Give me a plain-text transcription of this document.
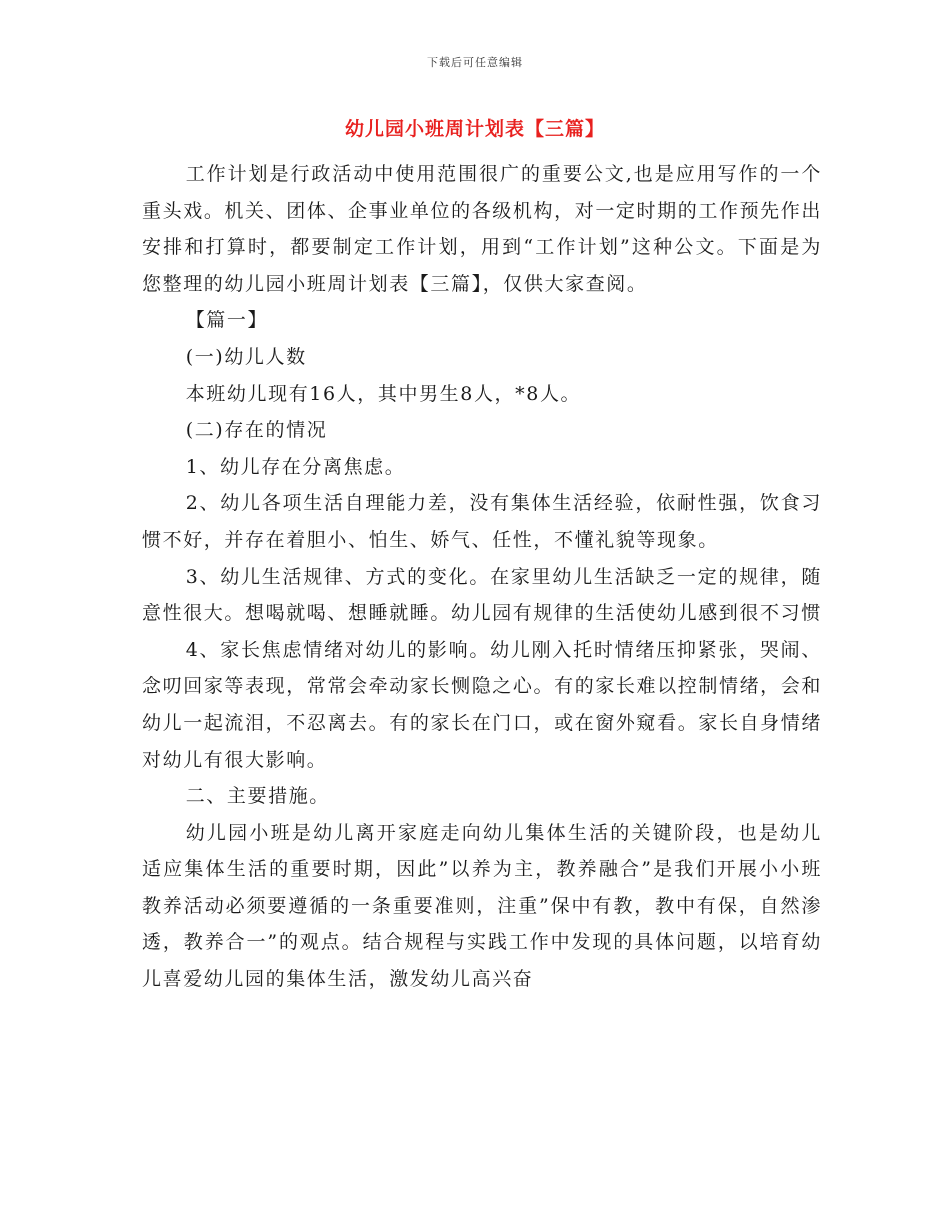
下载后可任意编辑
幼儿园小班周计划表【三篇】

工作计划是行政活动中使用范围很广的重要公文,也是应用写作的一个重头戏。机关、团体、企事业单位的各级机构，对一定时期的工作预先作出安排和打算时，都要制定工作计划，用到“工作计划”这种公文。下面是为您整理的幼儿园小班周计划表【三篇】，仅供大家查阅。

【篇一】

(一)幼儿人数

本班幼儿现有16人，其中男生8人，*8人。

(二)存在的情况

1、幼儿存在分离焦虑。

2、幼儿各项生活自理能力差，没有集体生活经验，依耐性强，饮食习惯不好，并存在着胆小、怕生、娇气、任性，不懂礼貌等现象。

3、幼儿生活规律、方式的变化。在家里幼儿生活缺乏一定的规律，随意性很大。想喝就喝、想睡就睡。幼儿园有规律的生活使幼儿感到很不习惯

4、家长焦虑情绪对幼儿的影响。幼儿刚入托时情绪压抑紧张，哭闹、念叨回家等表现，常常会牵动家长恻隐之心。有的家长难以控制情绪，会和幼儿一起流泪，不忍离去。有的家长在门口，或在窗外窥看。家长自身情绪对幼儿有很大影响。

二、主要措施。

幼儿园小班是幼儿离开家庭走向幼儿集体生活的关键阶段，也是幼儿适应集体生活的重要时期，因此”以养为主，教养融合”是我们开展小小班教养活动必须要遵循的一条重要准则，注重”保中有教，教中有保，自然渗透，教养合一”的观点。结合规程与实践工作中发现的具体问题，以培育幼儿喜爱幼儿园的集体生活，激发幼儿高兴奋
